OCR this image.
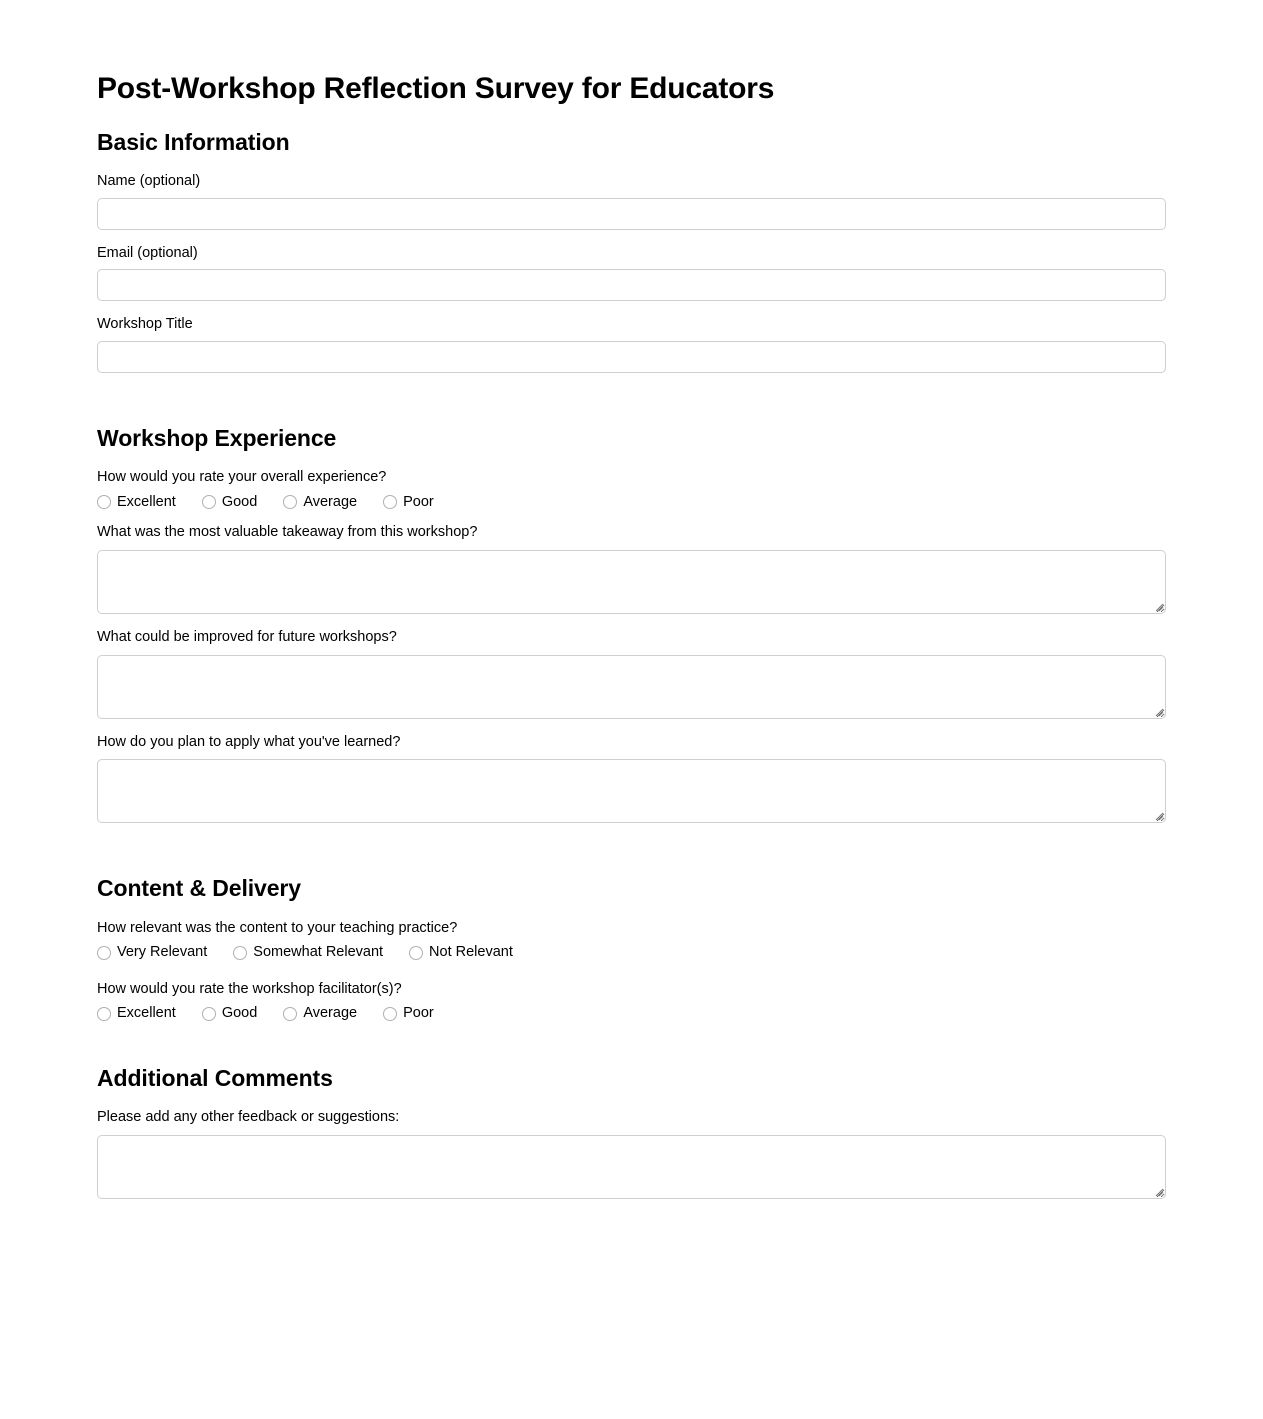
Post-Workshop Reflection Survey for Educators
Basic Information
Name (optional)
Email (optional)
Workshop Title
Workshop Experience

How would you rate your overall experience?

Excellent	Good	Average	Poor

What was the most valuable takeaway from this workshop?

What could be improved for future workshops?

How do you plan to apply what you've learned?

Content & Delivery

How relevant was the content to your teaching practice?

Very Relevant	Somewhat Relevant	Not Relevant

How would you rate the workshop facilitator(s)?

Excellent	Good	Average	Poor
Additional Comments

Please add any other feedback or suggestions:
